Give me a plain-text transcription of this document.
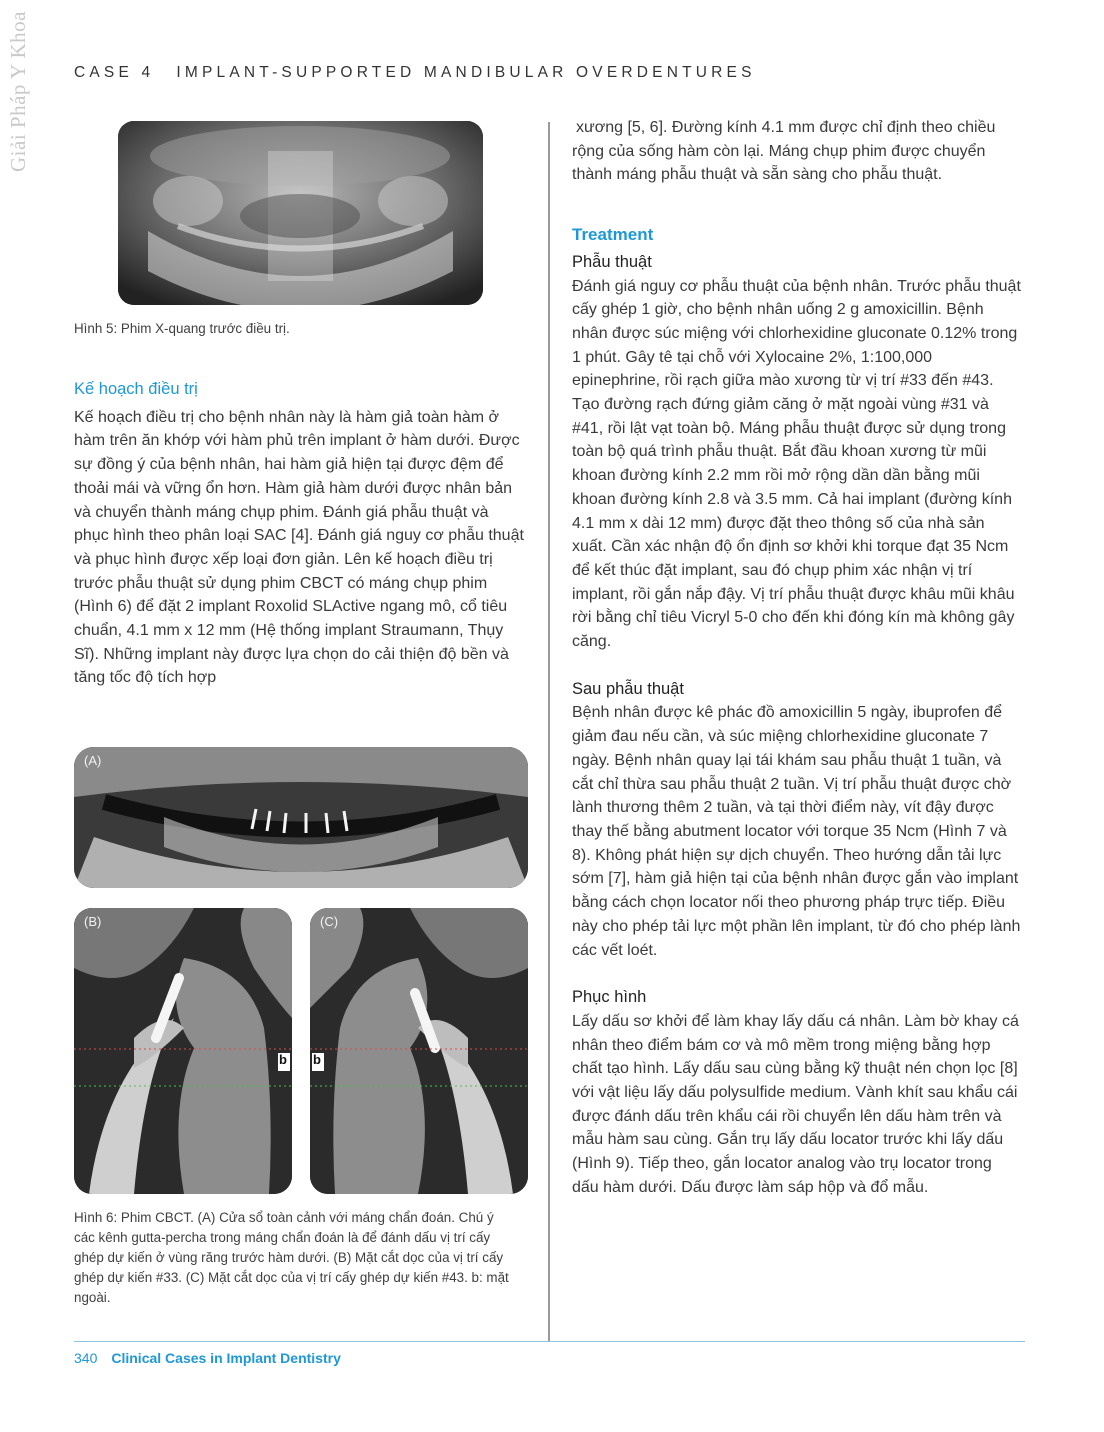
Giải Pháp Y Khoa	CASE 4 IMPLANT-SUPPORTED MANDIBULAR OVERDENTURES
Hình 5: Phim X-quang trước điều trị.

Kế hoạch điều trị

Kế hoạch điều trị cho bệnh nhân này là hàm giả toàn hàm ở hàm trên ăn khớp với hàm phủ trên implant ở hàm dưới. Được sự đồng ý của bệnh nhân, hai hàm giả hiện tại được đệm để thoải mái và vững ổn hơn. Hàm giả hàm dưới được nhân bản và chuyển thành máng chụp phim. Đánh giá phẫu thuật và phục hình theo phân loại SAC [4]. Đánh giá nguy cơ phẫu thuật và phục hình được xếp loại đơn giản. Lên kế hoạch điều trị trước phẫu thuật sử dụng phim CBCT có máng chụp phim (Hình 6) để đặt 2 implant Roxolid SLActive ngang mô, cổ tiêu chuẩn, 4.1 mm x 12 mm (Hệ thống implant Straumann, Thụy Sĩ). Những implant này được lựa chọn do cải thiện độ bền và tăng tốc độ tích hợp

(A)
(B)
b
(C)
b
Hình 6: Phim CBCT. (A) Cửa sổ toàn cảnh với máng chẩn đoán. Chú ý các kênh gutta-percha trong máng chẩn đoán là để đánh dấu vị trí cấy ghép dự kiến ở vùng răng trước hàm dưới. (B) Mặt cắt dọc của vị trí cấy ghép dự kiến #33. (C) Mặt cắt dọc của vị trí cấy ghép dự kiến #43. b: mặt ngoài.

xương [5, 6]. Đường kính 4.1 mm được chỉ định theo chiều rộng của sống hàm còn lại. Máng chụp phim được chuyển thành máng phẫu thuật và sẵn sàng cho phẫu thuật.

Treatment

Phẫu thuật

Đánh giá nguy cơ phẫu thuật của bệnh nhân. Trước phẫu thuật cấy ghép 1 giờ, cho bệnh nhân uống 2 g amoxicillin. Bệnh nhân được súc miệng với chlorhexidine gluconate 0.12% trong 1 phút. Gây tê tại chỗ với Xylocaine 2%, 1:100,000 epinephrine, rồi rạch giữa mào xương từ vị trí #33 đến #43. Tạo đường rạch đứng giảm căng ở mặt ngoài vùng #31 và #41, rồi lật vạt toàn bộ. Máng phẫu thuật được sử dụng trong toàn bộ quá trình phẫu thuật. Bắt đầu khoan xương từ mũi khoan đường kính 2.2 mm rồi mở rộng dần dần bằng mũi khoan đường kính 2.8 và 3.5 mm. Cả hai implant (đường kính 4.1 mm x dài 12 mm) được đặt theo thông số của nhà sản xuất. Cần xác nhận độ ổn định sơ khởi khi torque đạt 35 Ncm để kết thúc đặt implant, sau đó chụp phim xác nhận vị trí implant, rồi gắn nắp đậy. Vị trí phẫu thuật được khâu mũi khâu rời bằng chỉ tiêu Vicryl 5-0 cho đến khi đóng kín mà không gây căng.

Sau phẫu thuật

Bệnh nhân được kê phác đồ amoxicillin 5 ngày, ibuprofen để giảm đau nếu cần, và súc miệng chlorhexidine gluconate 7 ngày. Bệnh nhân quay lại tái khám sau phẫu thuật 1 tuần, và cắt chỉ thừa sau phẫu thuật 2 tuần. Vị trí phẫu thuật được chờ lành thương thêm 2 tuần, và tại thời điểm này, vít đậy được thay thế bằng abutment locator với torque 35 Ncm (Hình 7 và 8). Không phát hiện sự dịch chuyển. Theo hướng dẫn tải lực sớm [7], hàm giả hiện tại của bệnh nhân được gắn vào implant bằng cách chọn locator nối theo phương pháp trực tiếp. Điều này cho phép tải lực một phần lên implant, từ đó cho phép lành các vết loét.

Phục hình

Lấy dấu sơ khởi để làm khay lấy dấu cá nhân. Làm bờ khay cá nhân theo điểm bám cơ và mô mềm trong miệng bằng hợp chất tạo hình. Lấy dấu sau cùng bằng kỹ thuật nén chọn lọc [8] với vật liệu lấy dấu polysulfide medium. Vành khít sau khẩu cái được đánh dấu trên khẩu cái rồi chuyển lên dấu hàm trên và mẫu hàm sau cùng. Gắn trụ lấy dấu locator trước khi lấy dấu (Hình 9). Tiếp theo, gắn locator analog vào trụ locator trong dấu hàm dưới. Dấu được làm sáp hộp và đổ mẫu.

340 Clinical Cases in Implant Dentistry
